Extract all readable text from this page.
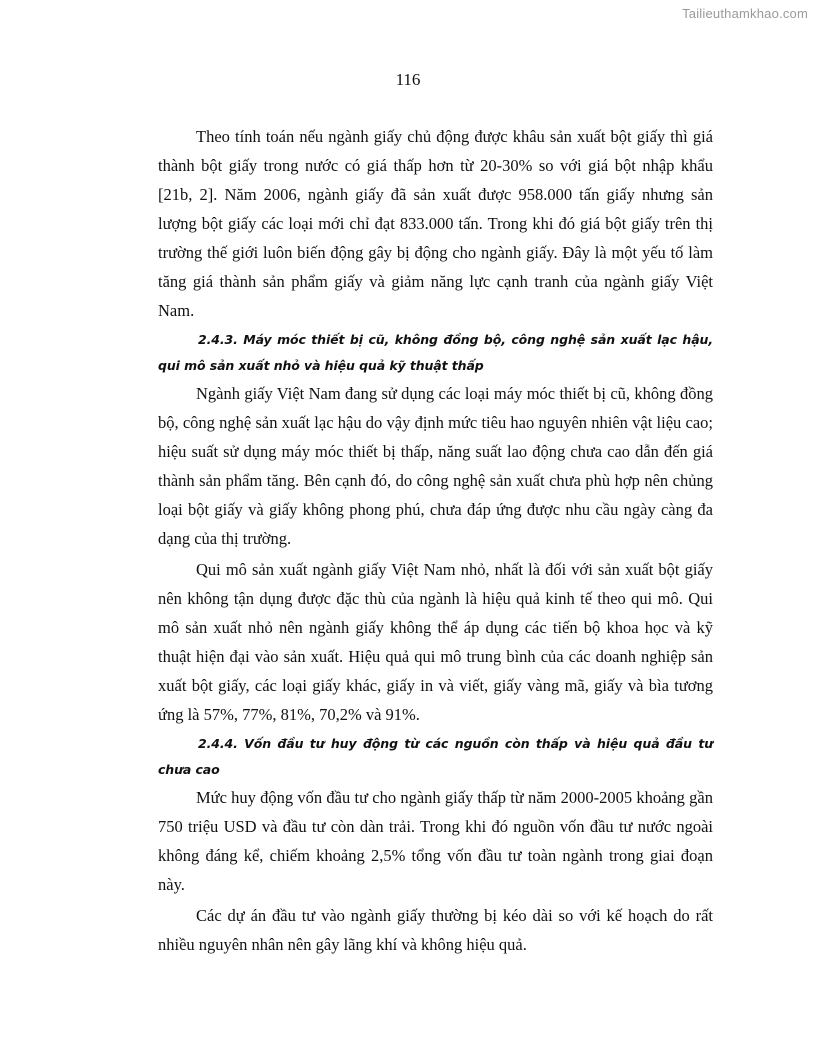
Tailieuthamkhao.com
116

Theo tính toán nếu ngành giấy chủ động được khâu sản xuất bột giấy thì giá thành bột giấy trong nước có giá thấp hơn từ 20-30% so với giá bột nhập khẩu [21b, 2]. Năm 2006, ngành giấy đã sản xuất được 958.000 tấn giấy nhưng sản lượng bột giấy các loại mới chỉ đạt 833.000 tấn. Trong khi đó giá bột giấy trên thị trường thế giới luôn biến động gây bị động cho ngành giấy. Đây là một yếu tố làm tăng giá thành sản phẩm giấy và giảm năng lực cạnh tranh của ngành giấy Việt Nam.

2.4.3. Máy móc thiết bị cũ, không đồng bộ, công nghệ sản xuất lạc hậu, qui mô sản xuất nhỏ và hiệu quả kỹ thuật thấp

Ngành giấy Việt Nam đang sử dụng các loại máy móc thiết bị cũ, không đồng bộ, công nghệ sản xuất lạc hậu do vậy định mức tiêu hao nguyên nhiên vật liệu cao; hiệu suất sử dụng máy móc thiết bị thấp, năng suất lao động chưa cao dẫn đến giá thành sản phẩm tăng. Bên cạnh đó, do công nghệ sản xuất chưa phù hợp nên chủng loại bột giấy và giấy không phong phú, chưa đáp ứng được nhu cầu ngày càng đa dạng của thị trường.

Qui mô sản xuất ngành giấy Việt Nam nhỏ, nhất là đối với sản xuất bột giấy nên không tận dụng được đặc thù của ngành là hiệu quả kinh tế theo qui mô. Qui mô sản xuất nhỏ nên ngành giấy không thể áp dụng các tiến bộ khoa học và kỹ thuật hiện đại vào sản xuất. Hiệu quả qui mô trung bình của các doanh nghiệp sản xuất bột giấy, các loại giấy khác, giấy in và viết, giấy vàng mã, giấy và bìa tương ứng là 57%, 77%, 81%, 70,2% và 91%.

2.4.4. Vốn đầu tư huy động từ các nguồn còn thấp và hiệu quả đầu tư chưa cao

Mức huy động vốn đầu tư cho ngành giấy thấp từ năm 2000-2005 khoảng gần 750 triệu USD và đầu tư còn dàn trải. Trong khi đó nguồn vốn đầu tư nước ngoài không đáng kể, chiếm khoảng 2,5% tổng vốn đầu tư toàn ngành trong giai đoạn này.

Các dự án đầu tư vào ngành giấy thường bị kéo dài so với kế hoạch do rất nhiều nguyên nhân nên gây lãng khí và không hiệu quả.
